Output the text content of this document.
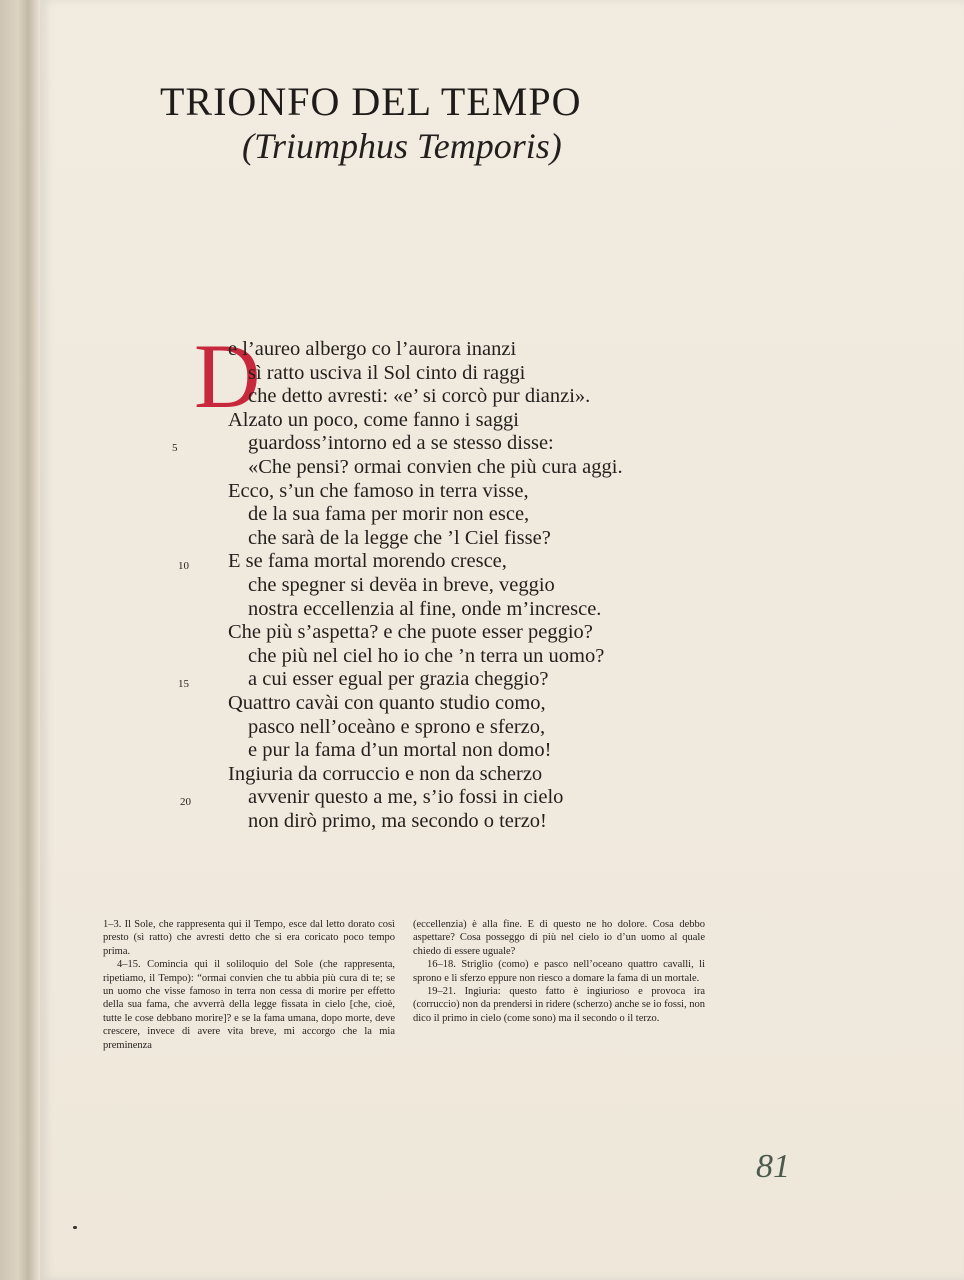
TRIONFO DEL TEMPO
(Triumphus Temporis)
D
e l’aureo albergo co l’aurora inanzi
sì ratto usciva il Sol cinto di raggi
che detto avresti: «e’ si corcò pur dianzi».
Alzato un poco, come fanno i saggi
5	guardoss’intorno ed a se stesso disse:
«Che pensi? ormai convien che più cura aggi.
Ecco, s’un che famoso in terra visse,
de la sua fama per morir non esce,
che sarà de la legge che ’l Ciel fisse?
10	E se fama mortal morendo cresce,
che spegner si devëa in breve, veggio
nostra eccellenzia al fine, onde m’incresce.
Che più s’aspetta? e che puote esser peggio?
che più nel ciel ho io che ’n terra un uomo?
15	a cui esser egual per grazia cheggio?
Quattro cavài con quanto studio como,
pasco nell’oceàno e sprono e sferzo,
e pur la fama d’un mortal non domo!
Ingiuria da corruccio e non da scherzo
20	avvenir questo a me, s’io fossi in cielo
non dirò primo, ma secondo o terzo!

1–3. Il Sole, che rappresenta qui il Tempo, esce dal letto dorato così presto (sì ratto) che avresti detto che si era coricato poco tempo prima.

4–15. Comincia qui il soliloquio del Sole (che rappresenta, ripetiamo, il Tempo): “ormai convien che tu abbia più cura di te; se un uomo che visse famoso in terra non cessa di morire per effetto della sua fama, che avverrà della legge fissata in cielo [che, cioè, tutte le cose debbano morire]? e se la fama umana, dopo morte, deve crescere, invece di avere vita breve, mi accorgo che la mia preminenza

(eccellenzia) è alla fine. E di questo ne ho dolore. Cosa debbo aspettare? Cosa posseggo di più nel cielo io d’un uomo al quale chiedo di essere uguale?

16–18. Striglio (como) e pasco nell’oceano quattro cavalli, li sprono e li sferzo eppure non riesco a domare la fama di un mortale.

19–21. Ingiuria: questo fatto è ingiurioso e provoca ira (corruccio) non da prendersi in ridere (scherzo) anche se io fossi, non dico il primo in cielo (come sono) ma il secondo o il terzo.

81
